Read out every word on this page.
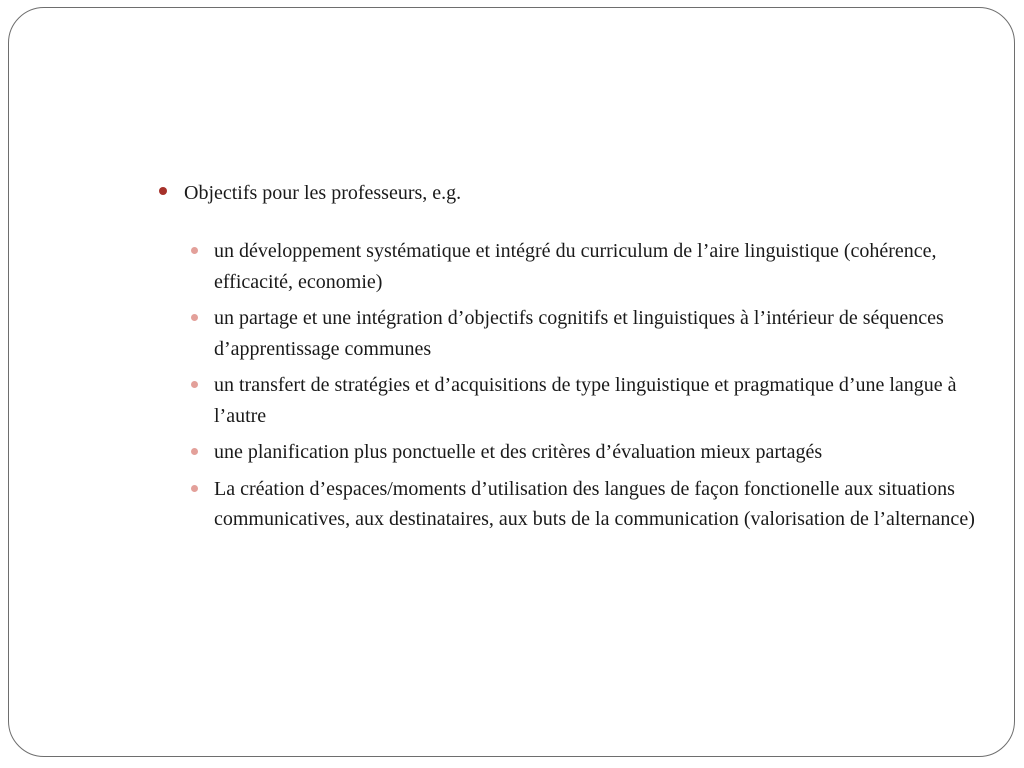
Objectifs pour les professeurs, e.g.

un développement systématique et intégré du curriculum de l’aire linguistique (cohérence, efficacité, economie)
un partage et une intégration d’objectifs cognitifs et linguistiques à l’intérieur de séquences d’apprentissage communes
un transfert de stratégies et d’acquisitions de type linguistique et pragmatique d’une langue à l’autre
une planification plus ponctuelle et des critères d’évaluation mieux partagés
La création d’espaces/moments d’utilisation des langues de façon fonctionelle aux situations communicatives, aux destinataires, aux buts de la communication (valorisation de l’alternance)
